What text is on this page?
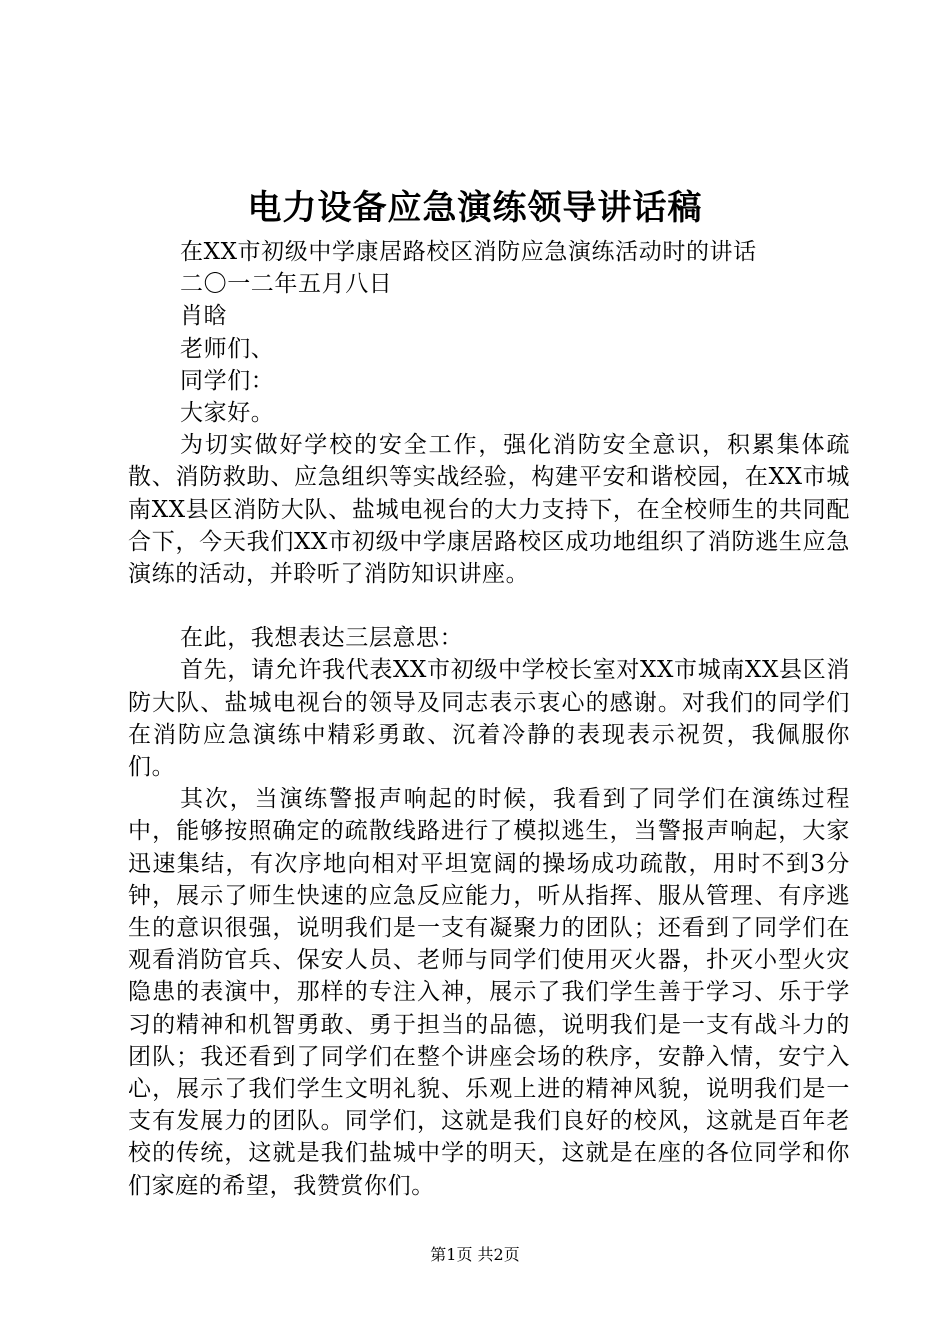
电力设备应急演练领导讲话稿
在XX市初级中学康居路校区消防应急演练活动时的讲话
二〇一二年五月八日
肖晗
老师们、
同学们：
大家好。

为切实做好学校的安全工作，强化消防安全意识，积累集体疏散、消防救助、应急组织等实战经验，构建平安和谐校园，在XX市城南XX县区消防大队、盐城电视台的大力支持下，在全校师生的共同配合下，今天我们XX市初级中学康居路校区成功地组织了消防逃生应急演练的活动，并聆听了消防知识讲座。

在此，我想表达三层意思：

首先，请允许我代表XX市初级中学校长室对XX市城南XX县区消防大队、盐城电视台的领导及同志表示衷心的感谢。对我们的同学们在消防应急演练中精彩勇敢、沉着冷静的表现表示祝贺，我佩服你们。

其次，当演练警报声响起的时候，我看到了同学们在演练过程中，能够按照确定的疏散线路进行了模拟逃生，当警报声响起，大家迅速集结，有次序地向相对平坦宽阔的操场成功疏散，用时不到3分钟，展示了师生快速的应急反应能力，听从指挥、服从管理、有序逃生的意识很强，说明我们是一支有凝聚力的团队；还看到了同学们在观看消防官兵、保安人员、老师与同学们使用灭火器，扑灭小型火灾隐患的表演中，那样的专注入神，展示了我们学生善于学习、乐于学习的精神和机智勇敢、勇于担当的品德，说明我们是一支有战斗力的团队；我还看到了同学们在整个讲座会场的秩序，安静入情，安宁入心，展示了我们学生文明礼貌、乐观上进的精神风貌，说明我们是一支有发展力的团队。同学们，这就是我们良好的校风，这就是百年老校的传统，这就是我们盐城中学的明天，这就是在座的各位同学和你们家庭的希望，我赞赏你们。

第1页 共2页
